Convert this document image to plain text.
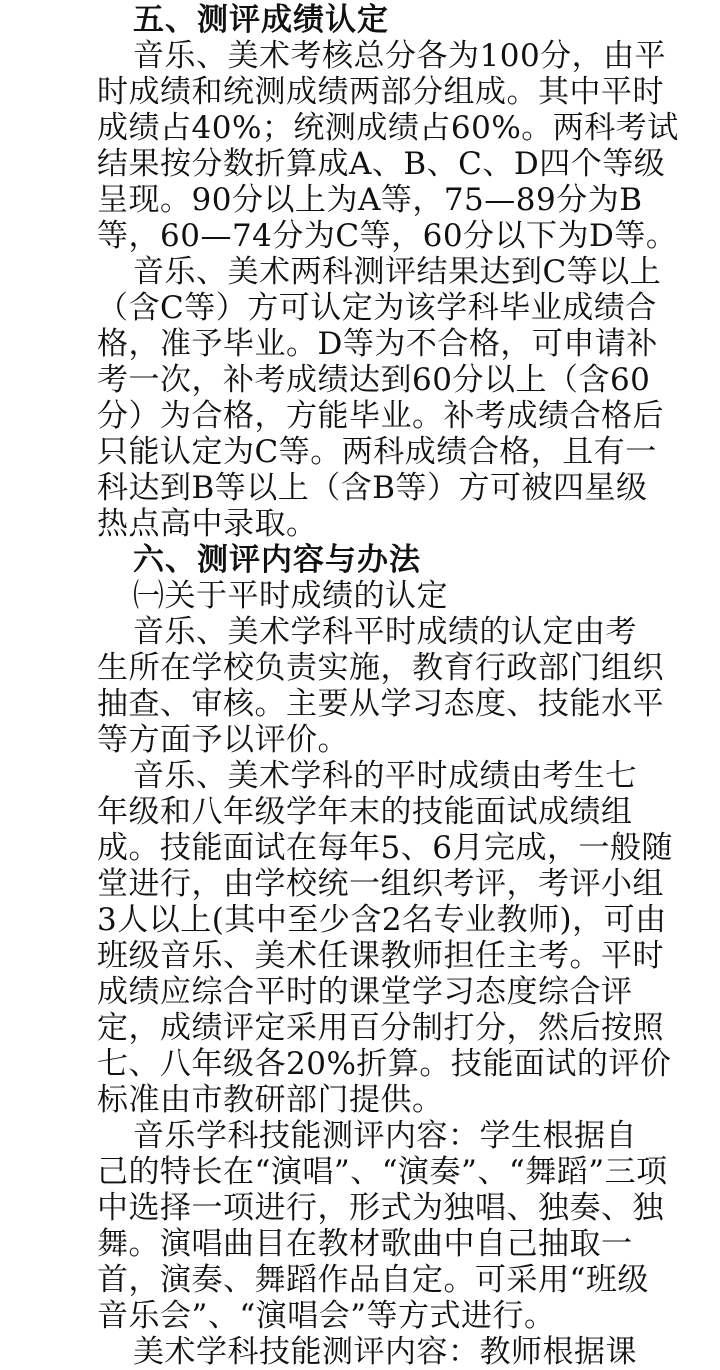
五、测评成绩认定
音乐、美术考核总分各为100分，由平
时成绩和统测成绩两部分组成。其中平时
成绩占40%；统测成绩占60%。两科考试
结果按分数折算成A、B、C、D四个等级
呈现。90分以上为A等，75—89分为B
等，60—74分为C等，60分以下为D等。
音乐、美术两科测评结果达到C等以上
（含C等）方可认定为该学科毕业成绩合
格，准予毕业。D等为不合格，可申请补
考一次，补考成绩达到60分以上（含60
分）为合格，方能毕业。补考成绩合格后
只能认定为C等。两科成绩合格，且有一
科达到B等以上（含B等）方可被四星级
热点高中录取。
六、测评内容与办法
㈠关于平时成绩的认定
音乐、美术学科平时成绩的认定由考
生所在学校负责实施，教育行政部门组织
抽查、审核。主要从学习态度、技能水平
等方面予以评价。
音乐、美术学科的平时成绩由考生七
年级和八年级学年末的技能面试成绩组
成。技能面试在每年5、6月完成，一般随
堂进行，由学校统一组织考评，考评小组
3人以上(其中至少含2名专业教师)，可由
班级音乐、美术任课教师担任主考。平时
成绩应综合平时的课堂学习态度综合评
定，成绩评定采用百分制打分，然后按照
七、八年级各20%折算。技能面试的评价
标准由市教研部门提供。
音乐学科技能测评内容：学生根据自
己的特长在“演唱”、“演奏”、“舞蹈”三项
中选择一项进行，形式为独唱、独奏、独
舞。演唱曲目在教材歌曲中自己抽取一
首，演奏、舞蹈作品自定。可采用“班级
音乐会”、“演唱会”等方式进行。
美术学科技能测评内容：教师根据课
